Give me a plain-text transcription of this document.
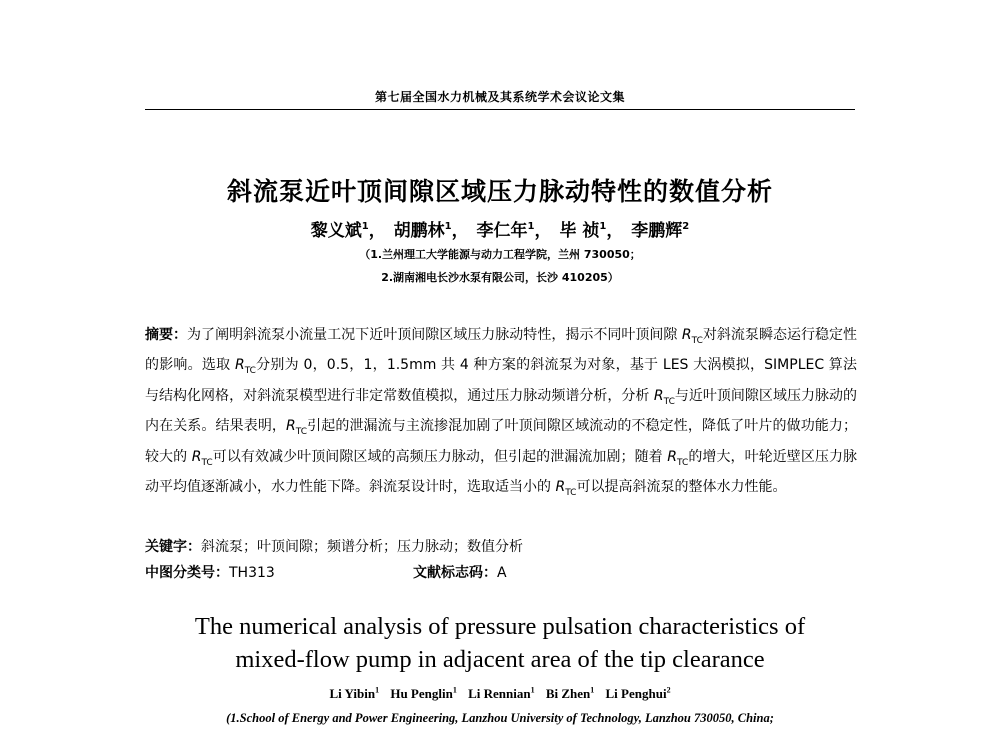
第七届全国水力机械及其系统学术会议论文集
斜流泵近叶顶间隙区域压力脉动特性的数值分析
黎义斌$^1$， 胡鹏林$^1$， 李仁年$^1$， 毕 祯$^1$， 李鹏辉$^2$
（1.兰州理工大学能源与动力工程学院，兰州 730050；
2.湖南湘电长沙水泵有限公司，长沙 410205）
摘要：为了阐明斜流泵小流量工况下近叶顶间隙区域压力脉动特性，揭示不同叶顶间隙 $R_{TC}$对斜流泵瞬态运行稳定性的影响。选取 $R_{TC}$分别为 0，0.5，1，1.5mm 共 4 种方案的斜流泵为对象，基于 LES 大涡模拟，SIMPLEC 算法与结构化网格，对斜流泵模型进行非定常数值模拟，通过压力脉动频谱分析，分析 $R_{TC}$与近叶顶间隙区域压力脉动的内在关系。结果表明，$R_{TC}$引起的泄漏流与主流掺混加剧了叶顶间隙区域流动的不稳定性，降低了叶片的做功能力；较大的 $R_{TC}$可以有效减少叶顶间隙区域的高频压力脉动，但引起的泄漏流加剧；随着 $R_{TC}$的增大，叶轮近壁区压力脉动平均值逐渐减小，水力性能下降。斜流泵设计时，选取适当小的 $R_{TC}$可以提高斜流泵的整体水力性能。
关键字：斜流泵；叶顶间隙；频谱分析；压力脉动；数值分析
中图分类号：TH313	文献标志码：A
The numerical analysis of pressure pulsation characteristics of
mixed-flow pump in adjacent area of the tip clearance
Li Yibin$^1$ Hu Penglin$^1$ Li Rennian$^1$ Bi Zhen$^1$ Li Penghui$^2$
(1.School of Energy and Power Engineering, Lanzhou University of Technology, Lanzhou 730050, China;
